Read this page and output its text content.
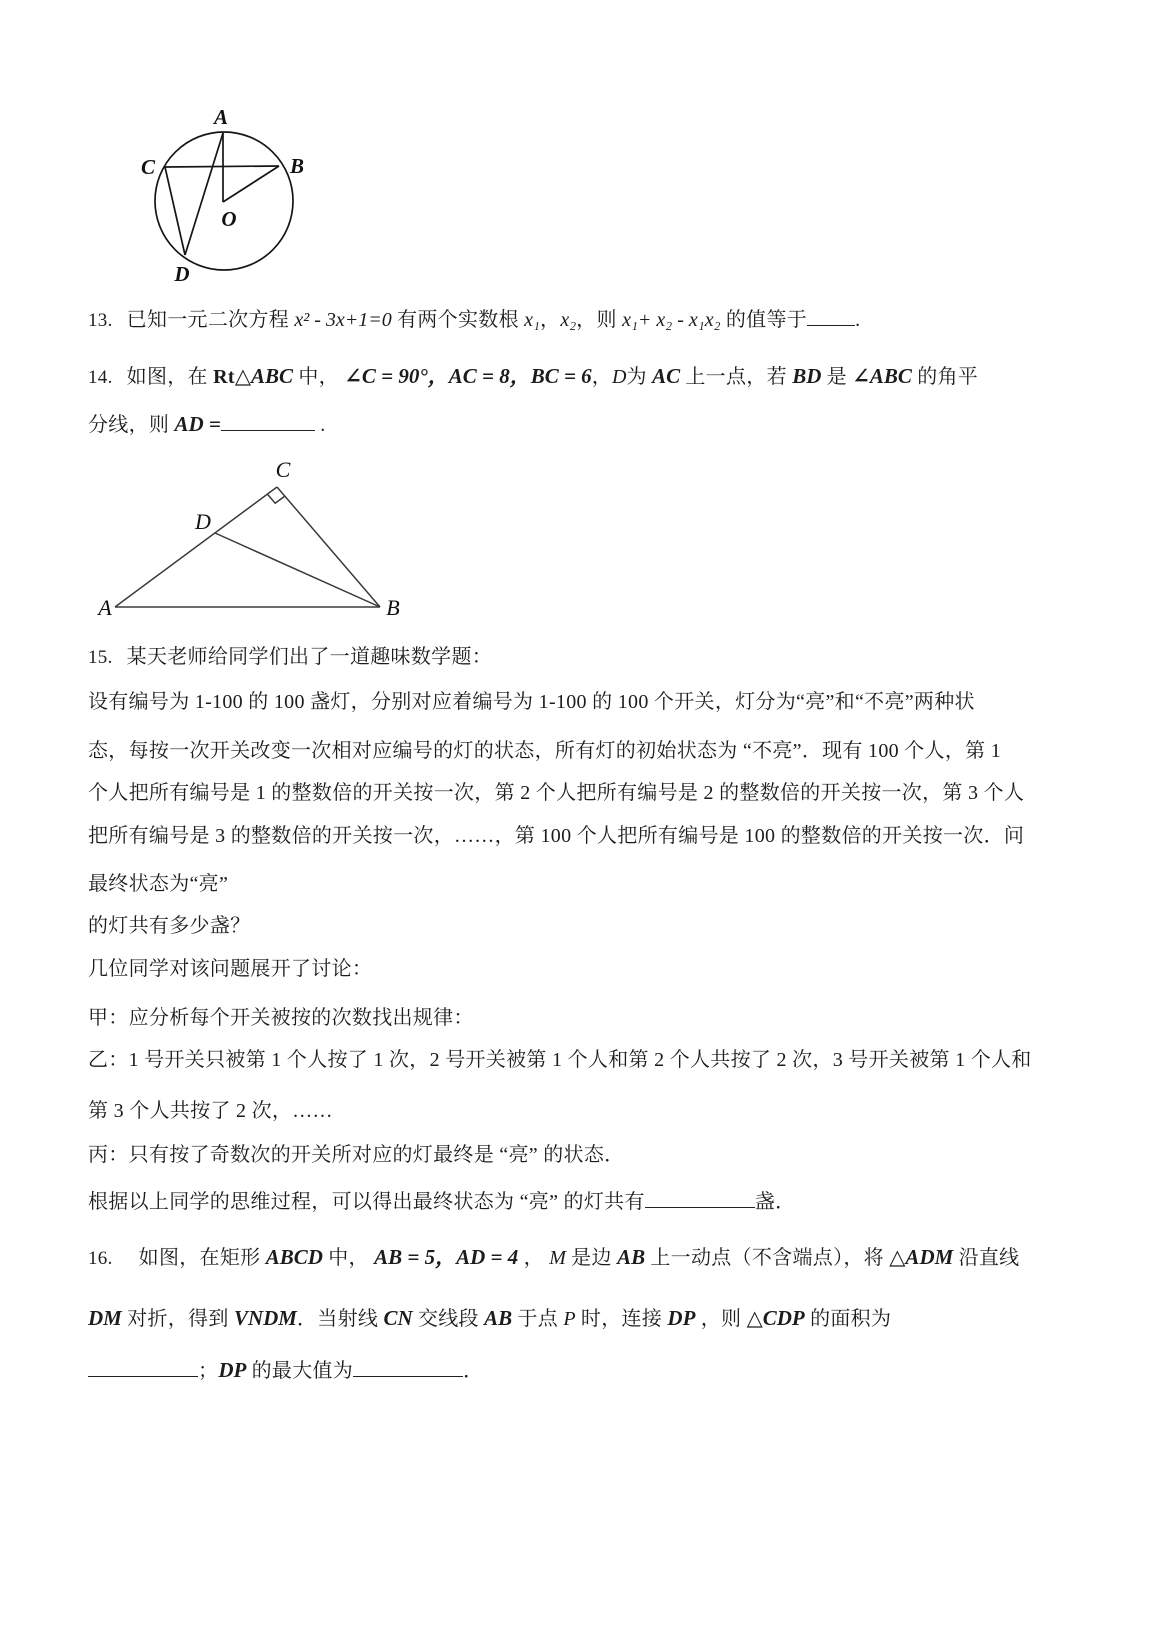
A
B
C
D
O
13. 已知一元二次方程 x² - 3x+1=0 有两个实数根 x₁，x₂，则 x₁+ x₂ - x₁x₂ 的值等于 .
14. 如图，在 Rt△ABC 中， ∠C = 90°，AC = 8，BC = 6，D为 AC 上一点，若 BD 是 ∠ABC 的角平
分线，则 AD =	.
A	B
C
D
15. 某天老师给同学们出了一道趣味数学题：
设有编号为 1-100 的 100 盏灯，分别对应着编号为 1-100 的 100 个开关，灯分为“亮”和“不亮”两种状
态，每按一次开关改变一次相对应编号的灯的状态，所有灯的初始状态为 “不亮”．现有 100 个人，第 1
个人把所有编号是 1 的整数倍的开关按一次，第 2 个人把所有编号是 2 的整数倍的开关按一次，第 3 个人
把所有编号是 3 的整数倍的开关按一次，……，第 100 个人把所有编号是 100 的整数倍的开关按一次．问
最终状态为“亮”
的灯共有多少盏？
几位同学对该问题展开了讨论：
甲：应分析每个开关被按的次数找出规律：
乙：1 号开关只被第 1 个人按了 1 次，2 号开关被第 1 个人和第 2 个人共按了 2 次，3 号开关被第 1 个人和
第 3 个人共按了 2 次，……
丙：只有按了奇数次的开关所对应的灯最终是 “亮” 的状态．
根据以上同学的思维过程，可以得出最终状态为 “亮” 的灯共有	盏．
16. 如图，在矩形 ABCD 中， AB = 5，AD = 4 ， M 是边 AB 上一动点（不含端点），将 △ADM 沿直线
DM 对折，得到 VNDM．当射线 CN 交线段 AB 于点 P 时，连接 DP ，则 △CDP 的面积为
；DP 的最大值为	．
